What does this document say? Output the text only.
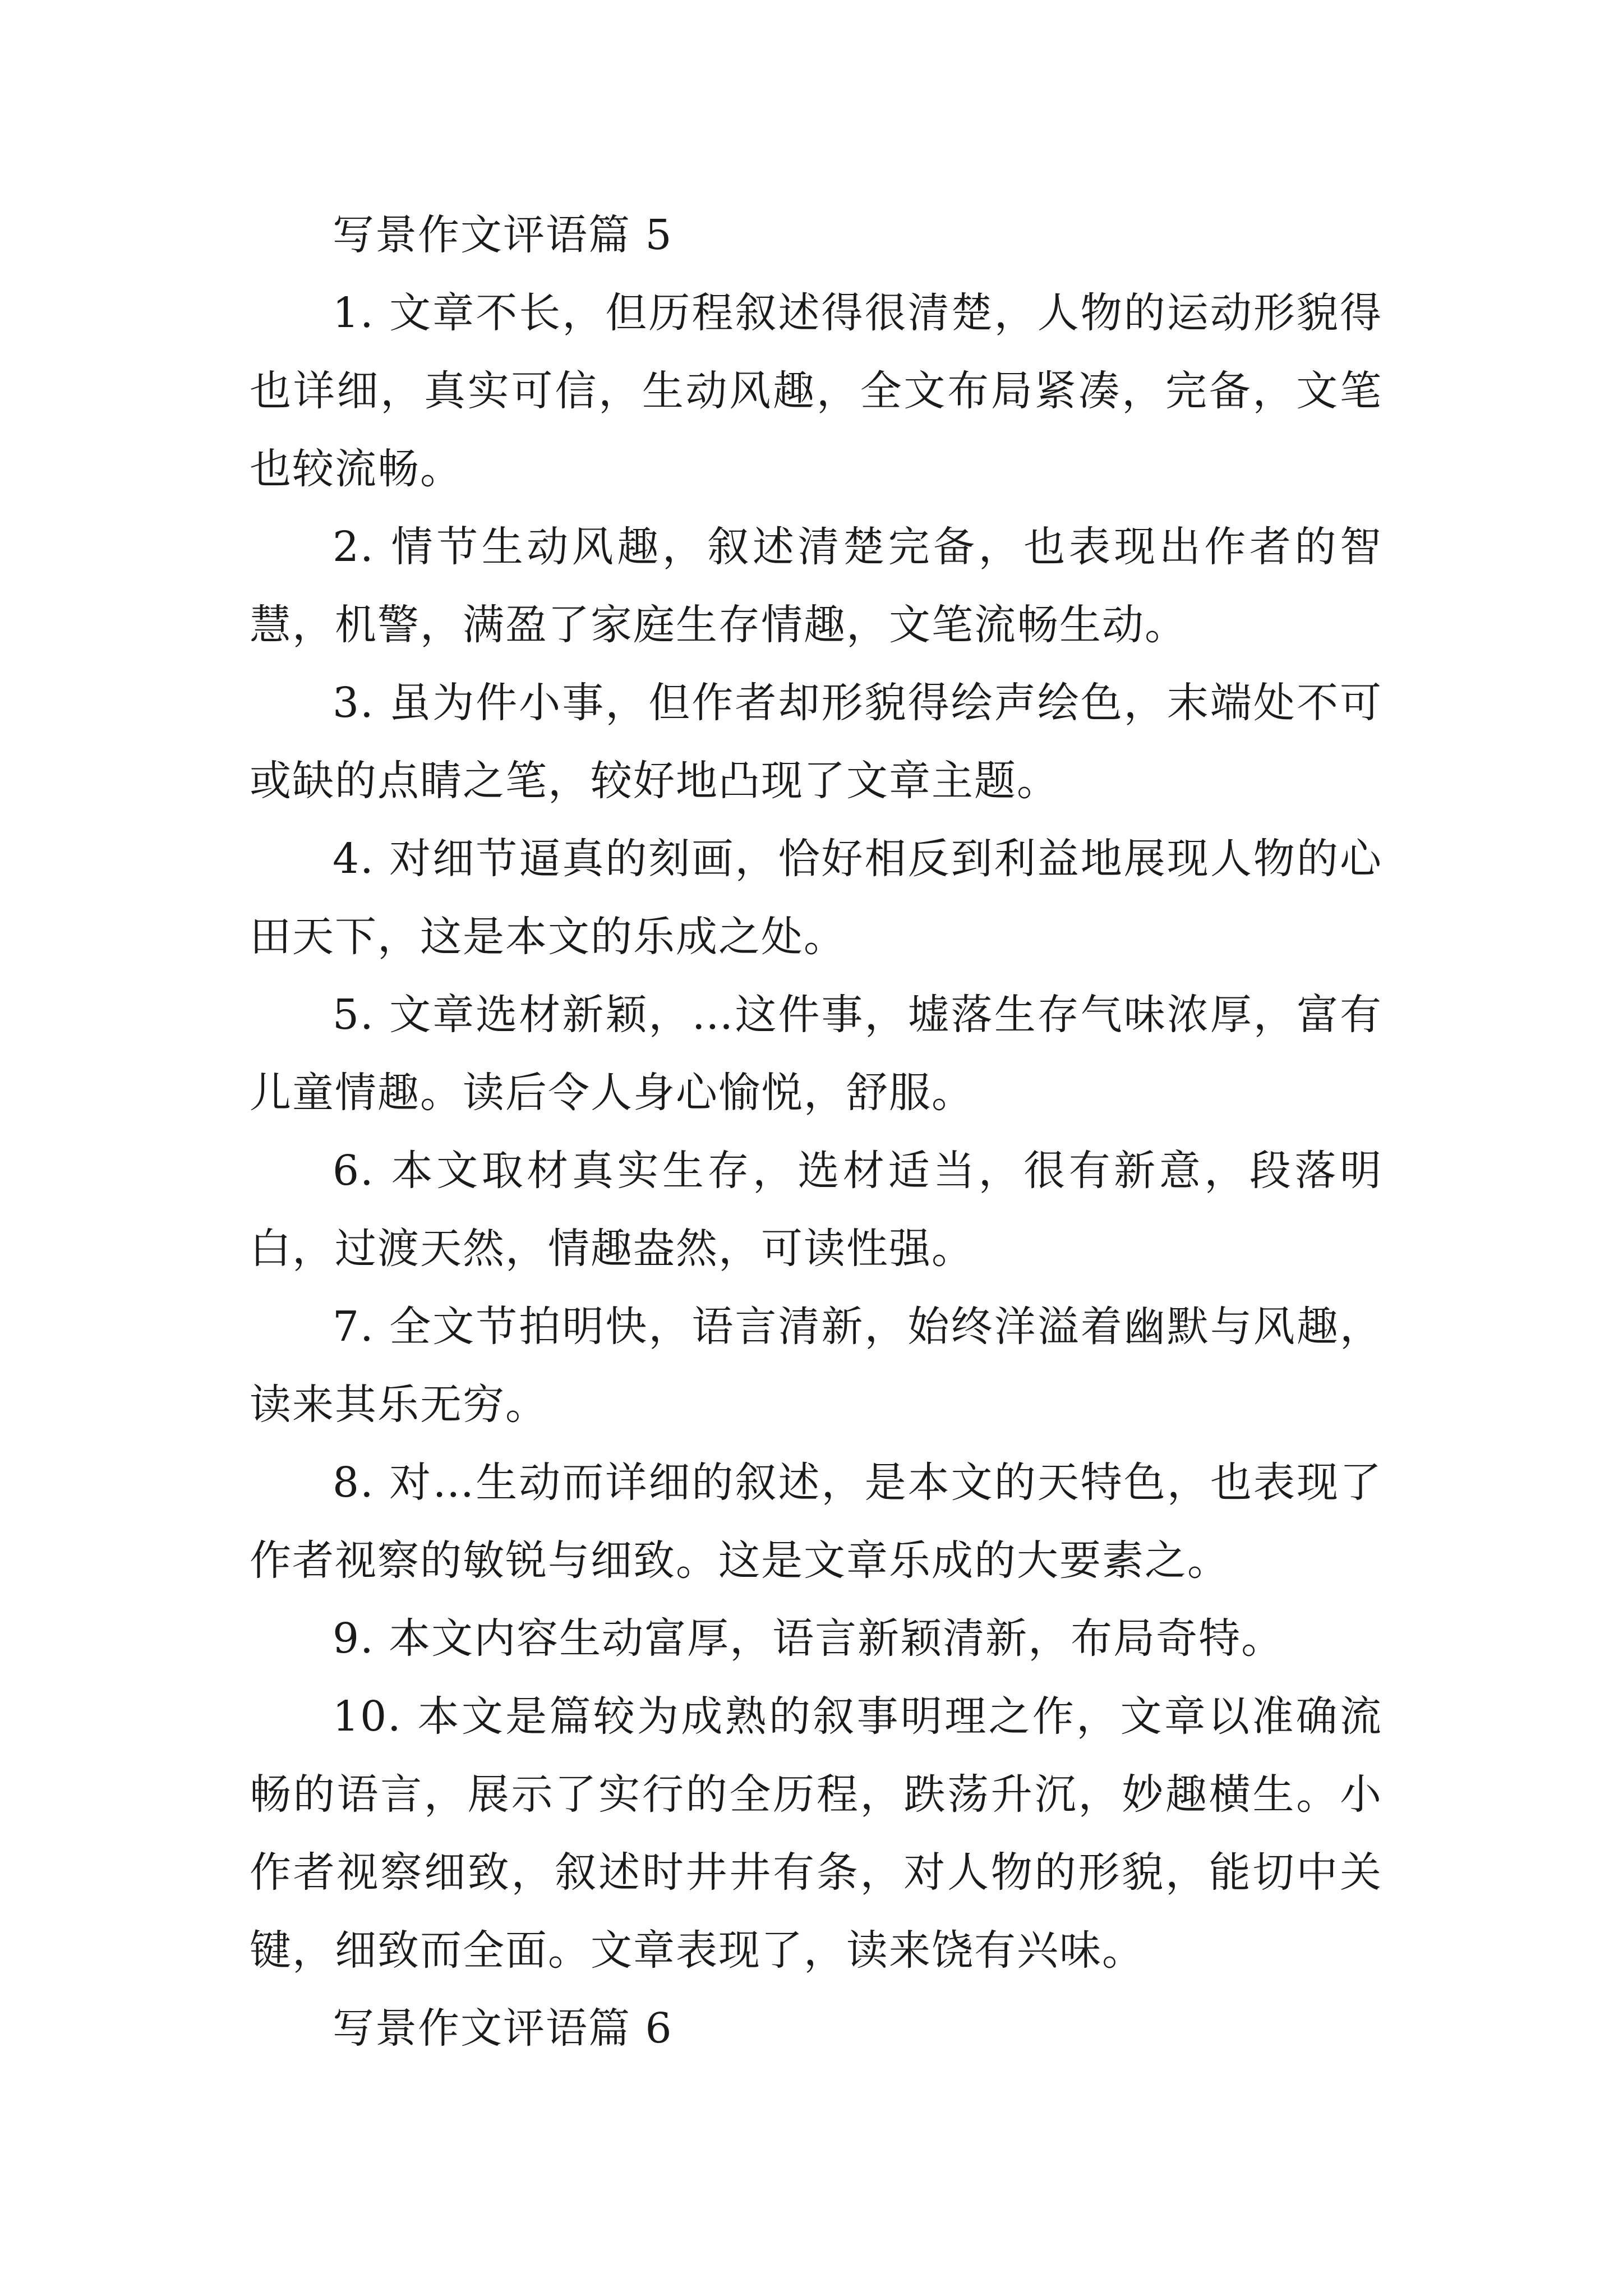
写景作文评语篇 5

1. 文章不长，但历程叙述得很清楚，人物的运动形貌得也详细，真实可信，生动风趣，全文布局紧凑，完备，文笔也较流畅。

2. 情节生动风趣，叙述清楚完备，也表现出作者的智慧，机警，满盈了家庭生存情趣，文笔流畅生动。

3. 虽为件小事，但作者却形貌得绘声绘色，末端处不可或缺的点睛之笔，较好地凸现了文章主题。

4. 对细节逼真的刻画，恰好相反到利益地展现人物的心田天下，这是本文的乐成之处。

5. 文章选材新颖，…这件事，墟落生存气味浓厚，富有儿童情趣。读后令人身心愉悦，舒服。

6. 本文取材真实生存，选材适当，很有新意，段落明白，过渡天然，情趣盎然，可读性强。

7. 全文节拍明快，语言清新，始终洋溢着幽默与风趣，读来其乐无穷。

8. 对…生动而详细的叙述，是本文的天特色，也表现了作者视察的敏锐与细致。这是文章乐成的大要素之。

9. 本文内容生动富厚，语言新颖清新，布局奇特。

10. 本文是篇较为成熟的叙事明理之作，文章以准确流畅的语言，展示了实行的全历程，跌荡升沉，妙趣横生。小作者视察细致，叙述时井井有条，对人物的形貌，能切中关键，细致而全面。文章表现了，读来饶有兴味。

写景作文评语篇 6
